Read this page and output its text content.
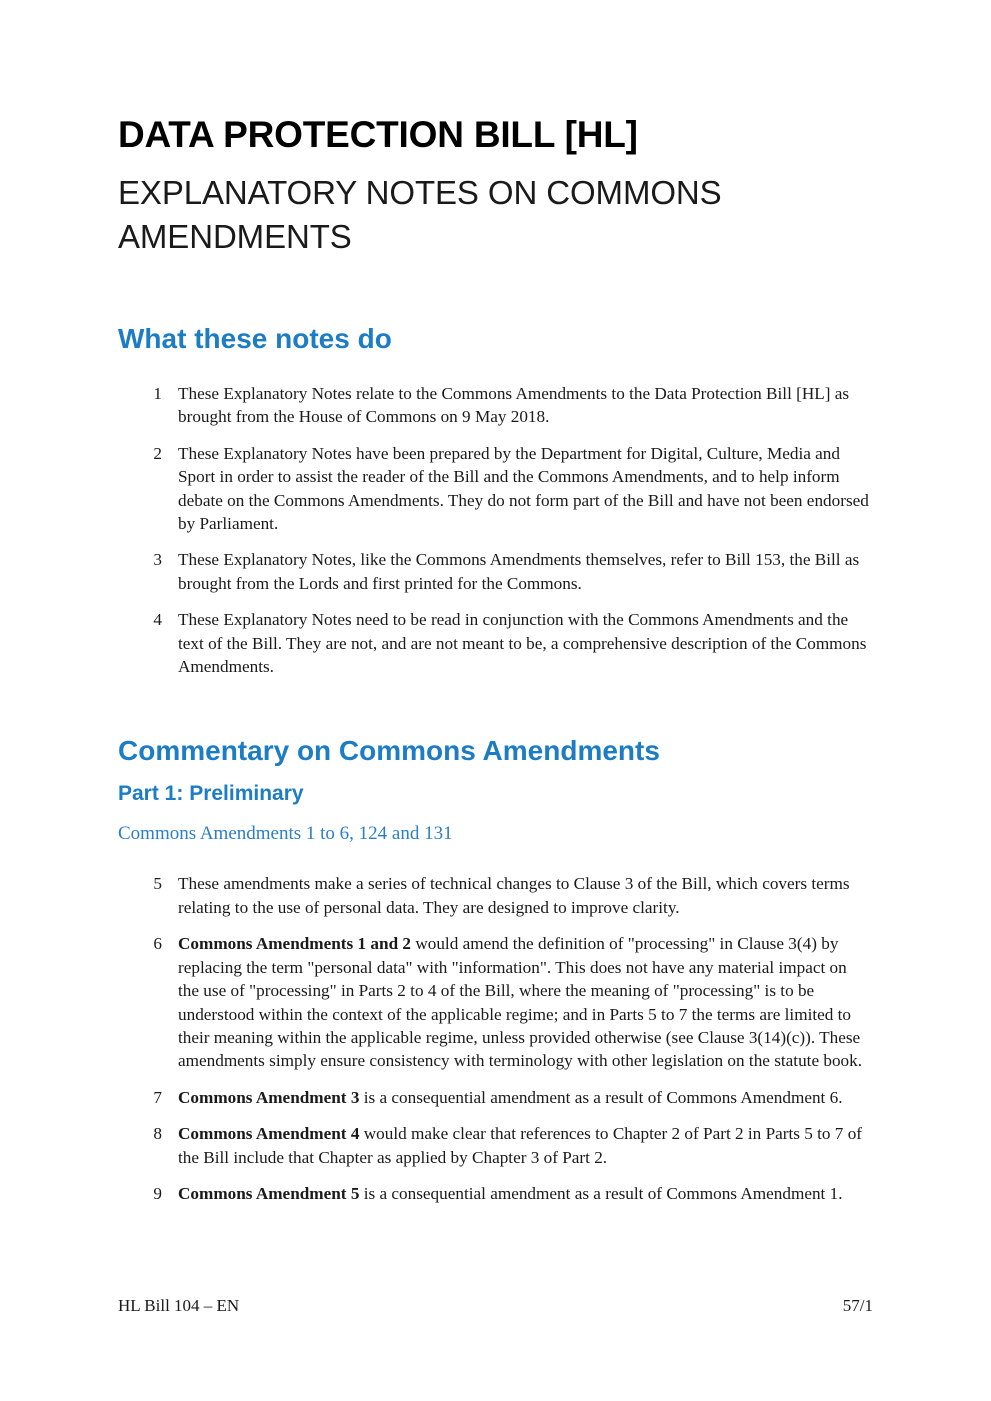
DATA PROTECTION BILL [HL]
EXPLANATORY NOTES ON COMMONS AMENDMENTS
What these notes do
1 These Explanatory Notes relate to the Commons Amendments to the Data Protection Bill [HL] as brought from the House of Commons on 9 May 2018.
2 These Explanatory Notes have been prepared by the Department for Digital, Culture, Media and Sport in order to assist the reader of the Bill and the Commons Amendments, and to help inform debate on the Commons Amendments. They do not form part of the Bill and have not been endorsed by Parliament.
3 These Explanatory Notes, like the Commons Amendments themselves, refer to Bill 153, the Bill as brought from the Lords and first printed for the Commons.
4 These Explanatory Notes need to be read in conjunction with the Commons Amendments and the text of the Bill. They are not, and are not meant to be, a comprehensive description of the Commons Amendments.
Commentary on Commons Amendments
Part 1: Preliminary
Commons Amendments 1 to 6, 124 and 131
5 These amendments make a series of technical changes to Clause 3 of the Bill, which covers terms relating to the use of personal data. They are designed to improve clarity.
6 Commons Amendments 1 and 2 would amend the definition of "processing" in Clause 3(4) by replacing the term "personal data" with "information". This does not have any material impact on the use of "processing" in Parts 2 to 4 of the Bill, where the meaning of "processing" is to be understood within the context of the applicable regime; and in Parts 5 to 7 the terms are limited to their meaning within the applicable regime, unless provided otherwise (see Clause 3(14)(c)). These amendments simply ensure consistency with terminology with other legislation on the statute book.
7 Commons Amendment 3 is a consequential amendment as a result of Commons Amendment 6.
8 Commons Amendment 4 would make clear that references to Chapter 2 of Part 2 in Parts 5 to 7 of the Bill include that Chapter as applied by Chapter 3 of Part 2.
9 Commons Amendment 5 is a consequential amendment as a result of Commons Amendment 1.
HL Bill 104 – EN	57/1
